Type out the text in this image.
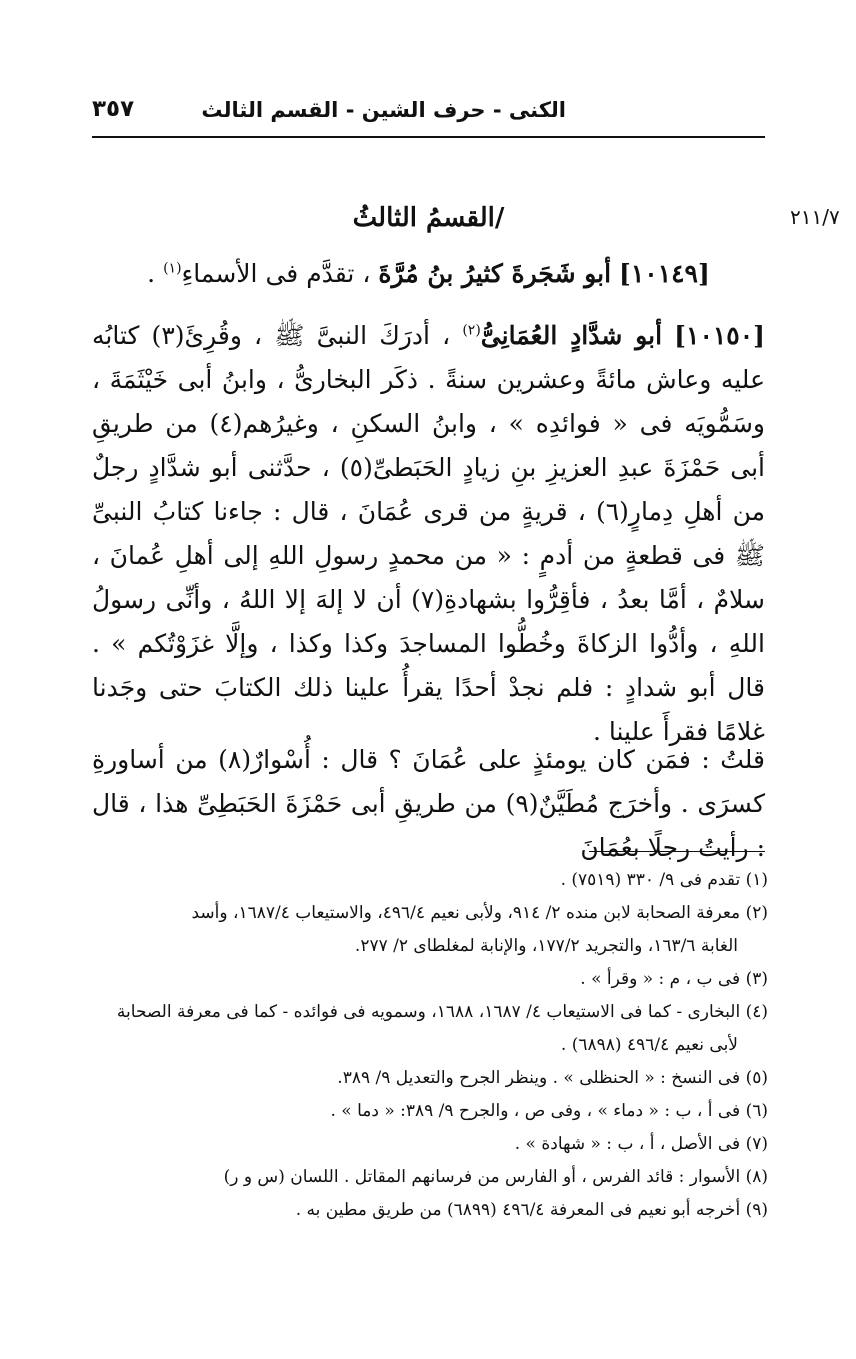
الكنى - حرف الشين - القسم الثالث
٣٥٧
٢١١/٧
/القسمُ الثالثُ
[١٠١٤٩] أبو شَجَرةَ كثيرُ بنُ مُرَّةَ ، تقدَّم فى الأسماءِ$^{(١)}$ .
[١٠١٥٠] أبو شدَّادٍ العُمَانِىُّ$^{(٢)}$ ، أدرَكَ النبىَّ ﷺ ، وقُرِئَ(٣) كتابُه عليه وعاش مائةً وعشرين سنةً . ذكَر البخارىُّ ، وابنُ أبى خَيْثَمَةَ ، وسَمُّويَه فى « فوائدِه » ، وابنُ السكنِ ، وغيرُهم(٤) من طريقِ أبى حَمْزَةَ عبدِ العزيزِ بنِ زيادٍ الحَبَطىِّ(٥) ، حدَّثنى أبو شدَّادٍ رجلٌ من أهلِ دِمارٍ(٦) ، قريةٍ من قرى عُمَانَ ، قال : جاءنا كتابُ النبىِّ ﷺ فى قطعةٍ من أدمٍ : « من محمدٍ رسولِ اللهِ إلى أهلِ عُمانَ ، سلامٌ ، أمَّا بعدُ ، فأقِرُّوا بشهادةِ(٧) أن لا إلهَ إلا اللهُ ، وأنِّى رسولُ اللهِ ، وأدُّوا الزكاةَ وخُطُّوا المساجدَ وكذا وكذا ، وإلَّا غزَوْتُكم » . قال أبو شدادٍ : فلم نجدْ أحدًا يقرأُ علينا ذلك الكتابَ حتى وجَدنا غلامًا فقرأَ علينا .
قلتُ : فمَن كان يومئذٍ على عُمَانَ ؟ قال : أُسْوارٌ(٨) من أساورةِ كسرَى . وأخرَج مُطَيَّنٌ(٩) من طريقِ أبى حَمْزَةَ الحَبَطِىِّ هذا ، قال : رأيتُ رجلًا بعُمَانَ
(١) تقدم فى ٩/ ٣٣٠ (٧٥١٩) .
(٢) معرفة الصحابة لابن منده ٢/ ٩١٤، ولأبى نعيم ٤٩٦/٤، والاستيعاب ١٦٨٧/٤، وأسد
الغابة ١٦٣/٦، والتجريد ١٧٧/٢، والإنابة لمغلطاى ٢/ ٢٧٧.
(٣) فى ب ، م : « وقرأ » .
(٤) البخارى - كما فى الاستيعاب ٤/ ١٦٨٧، ١٦٨٨، وسمويه فى فوائده - كما فى معرفة الصحابة
لأبى نعيم ٤٩٦/٤ (٦٨٩٨) .
(٥) فى النسخ : « الحنظلى » . وينظر الجرح والتعديل ٩/ ٣٨٩.
(٦) فى أ ، ب : « دماء » ، وفى ص ، والجرح ٩/ ٣٨٩: « دما » .
(٧) فى الأصل ، أ ، ب : « شهادة » .
(٨) الأسوار : قائد الفرس ، أو الفارس من فرسانهم المقاتل . اللسان (س و ر)
(٩) أخرجه أبو نعيم فى المعرفة ٤٩٦/٤ (٦٨٩٩) من طريق مطين به .
